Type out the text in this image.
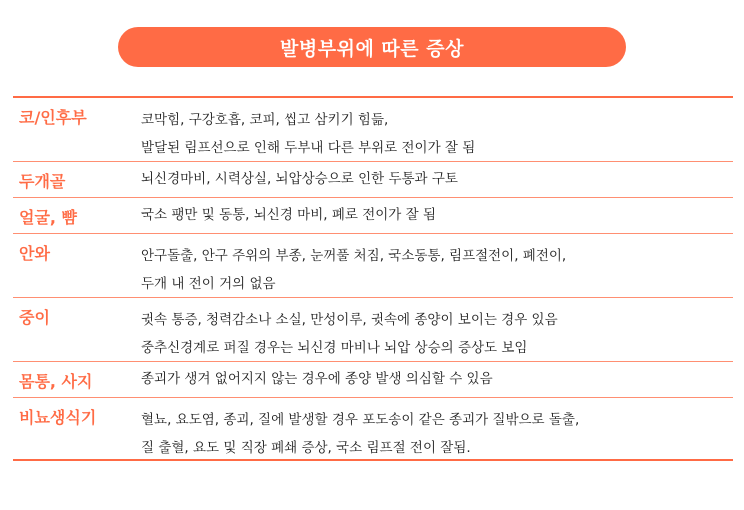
발병부위에 따른 증상
코/인후부	코막힘, 구강호흡, 코피, 씹고 삼키기 힘듦,
발달된 림프선으로 인해 두부내 다른 부위로 전이가 잘 됨
두개골	뇌신경마비, 시력상실, 뇌압상승으로 인한 두통과 구토
얼굴, 뺨	국소 팽만 및 동통, 뇌신경 마비, 폐로 전이가 잘 됨
안와	안구돌출, 안구 주위의 부종, 눈꺼풀 처짐, 국소동통, 림프절전이, 폐전이,
두개 내 전이 거의 없음
중이	귓속 통증, 청력감소나 소실, 만성이루, 귓속에 종양이 보이는 경우 있음
중추신경계로 퍼질 경우는 뇌신경 마비나 뇌압 상승의 증상도 보임
몸통, 사지	종괴가 생겨 없어지지 않는 경우에 종양 발생 의심할 수 있음
비뇨생식기	혈뇨, 요도염, 종괴, 질에 발생할 경우 포도송이 같은 종괴가 질밖으로 돌출,
질 출혈, 요도 및 직장 폐쇄 증상, 국소 림프절 전이 잘됨.
